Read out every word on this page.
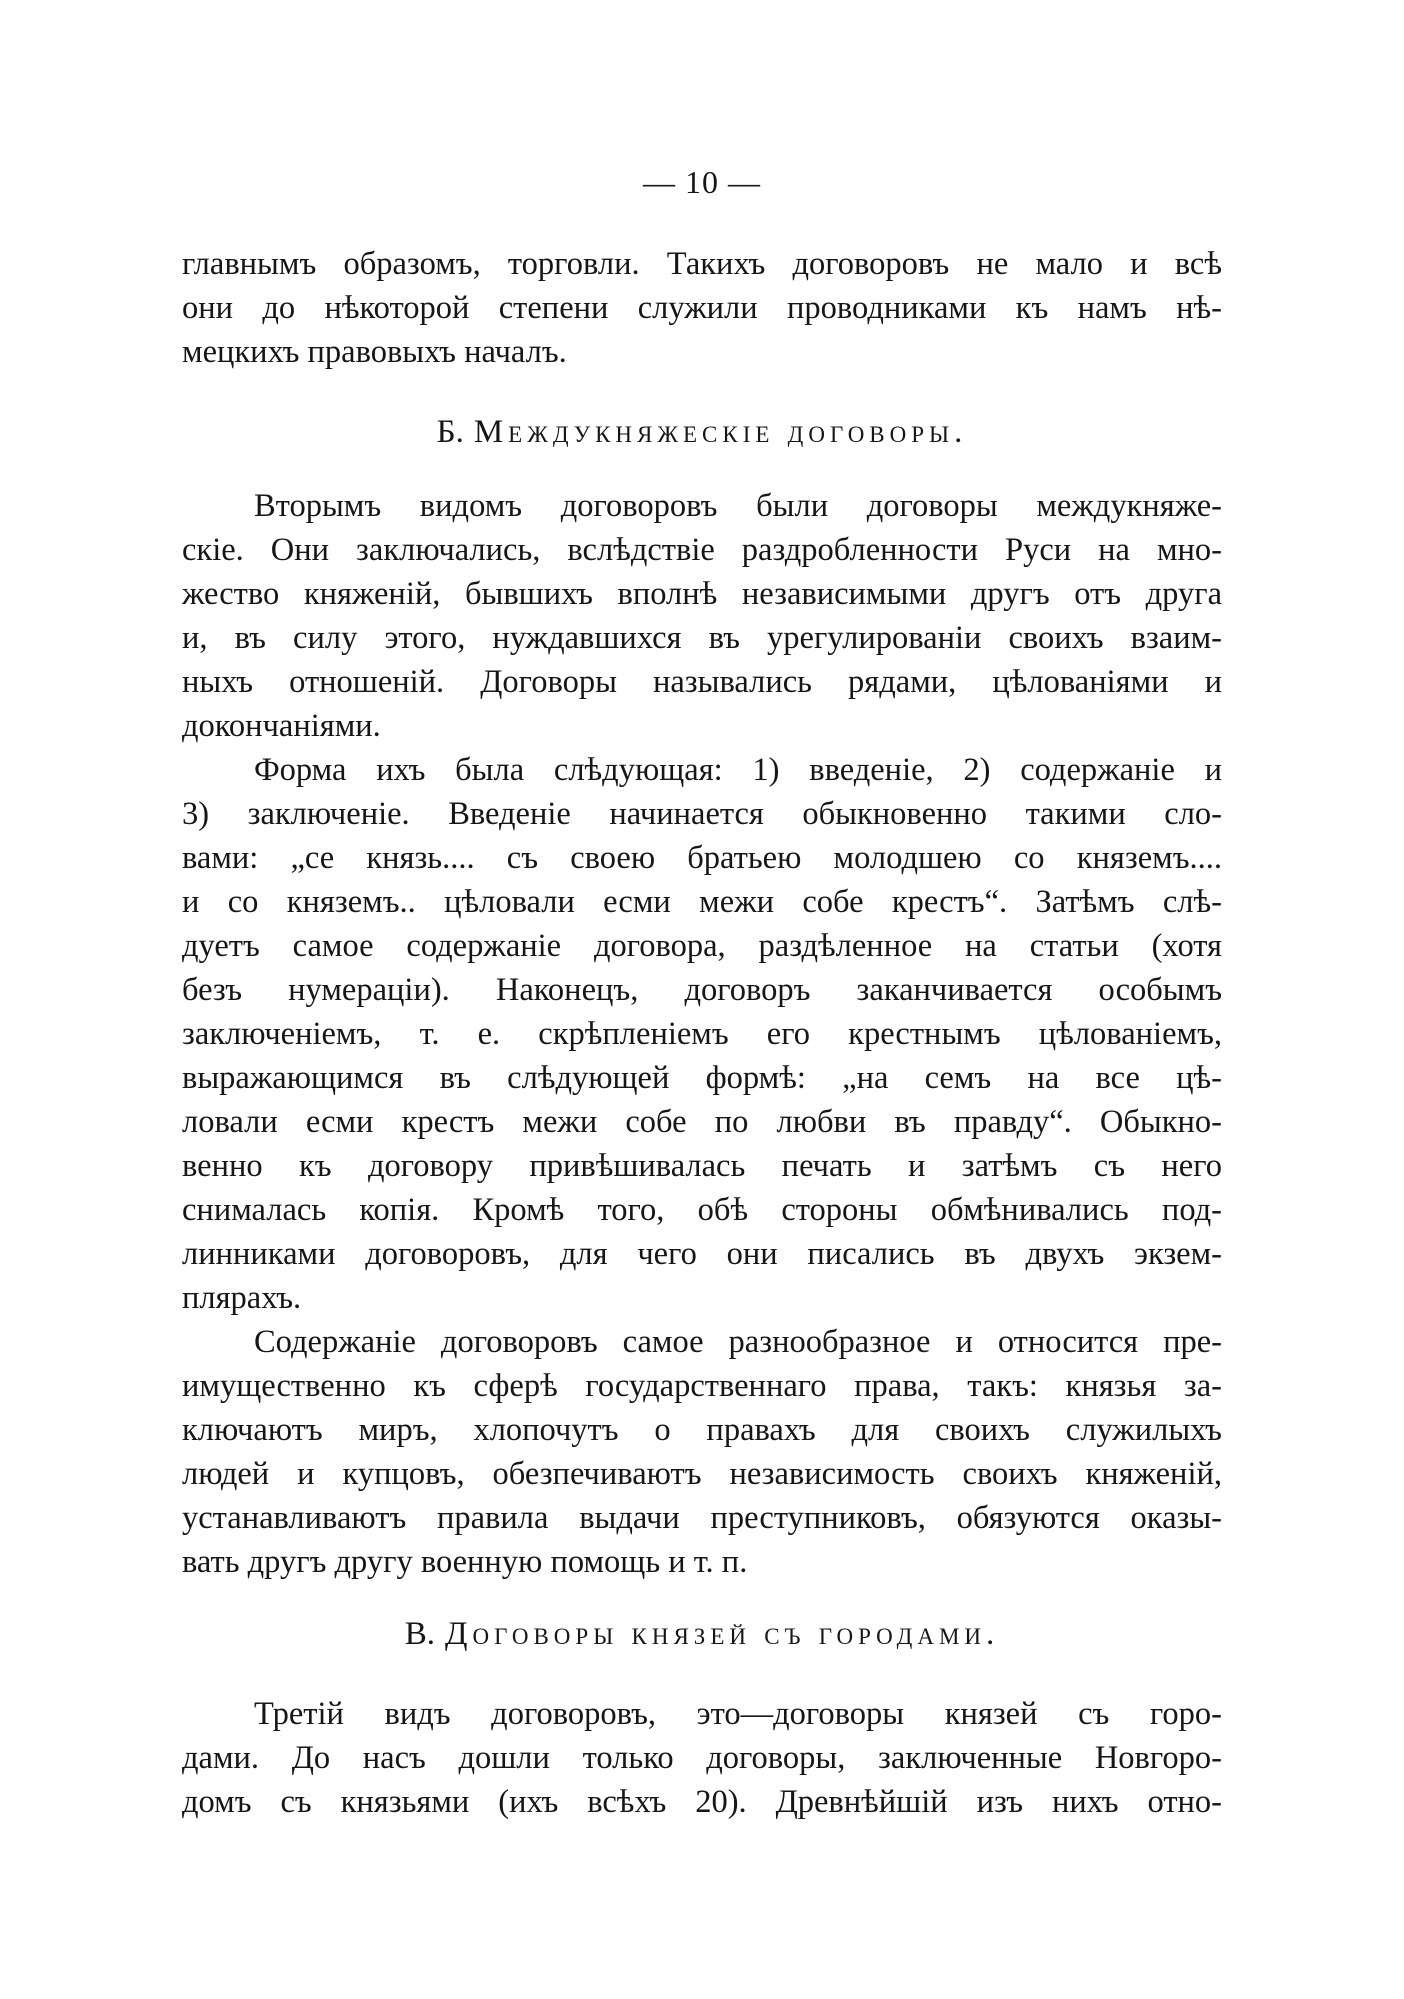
— 10 —
главнымъ образомъ, торговли. Такихъ договоровъ не мало и всѣ
они до нѣкоторой степени служили проводниками къ намъ нѣ-
мецкихъ правовыхъ началъ.
Б. Междукняжескiе договоры.
Вторымъ видомъ договоровъ были договоры междукняже-
скiе. Они заключались, вслѣдствiе раздробленности Руси на мно-
жество княженiй, бывшихъ вполнѣ независимыми другъ отъ друга
и, въ силу этого, нуждавшихся въ урегулированiи своихъ взаим-
ныхъ отношенiй. Договоры назывались рядами, цѣлованiями и
докончанiями.
Форма ихъ была слѣдующая: 1) введенiе, 2) содержанiе и
3) заключенiе. Введенiе начинается обыкновенно такими сло-
вами: „се князь.... съ своею братьею молодшею со княземъ....
и со княземъ.. цѣловали есми межи собе крестъ“. Затѣмъ слѣ-
дуетъ самое содержанiе договора, раздѣленное на статьи (хотя
безъ нумерацiи). Наконецъ, договоръ заканчивается особымъ
заключенiемъ, т. е. скрѣпленiемъ его крестнымъ цѣлованiемъ,
выражающимся въ слѣдующей формѣ: „на семъ на все цѣ-
ловали есми крестъ межи собе по любви въ правду“. Обыкно-
венно къ договору привѣшивалась печать и затѣмъ съ него
снималась копiя. Кромѣ того, обѣ стороны обмѣнивались под-
линниками договоровъ, для чего они писались въ двухъ экзем-
плярахъ.
Содержанiе договоровъ самое разнообразное и относится пре-
имущественно къ сферѣ государственнаго права, такъ: князья за-
ключаютъ миръ, хлопочутъ о правахъ для своихъ служилыхъ
людей и купцовъ, обезпечиваютъ независимость своихъ княженiй,
устанавливаютъ правила выдачи преступниковъ, обязуются оказы-
вать другъ другу военную помощь и т. п.
В. Договоры князей съ городами.
Третiй видъ договоровъ, это—договоры князей съ горо-
дами. До насъ дошли только договоры, заключенные Новгоро-
домъ съ князьями (ихъ всѣхъ 20). Древнѣйшiй изъ нихъ отно-
